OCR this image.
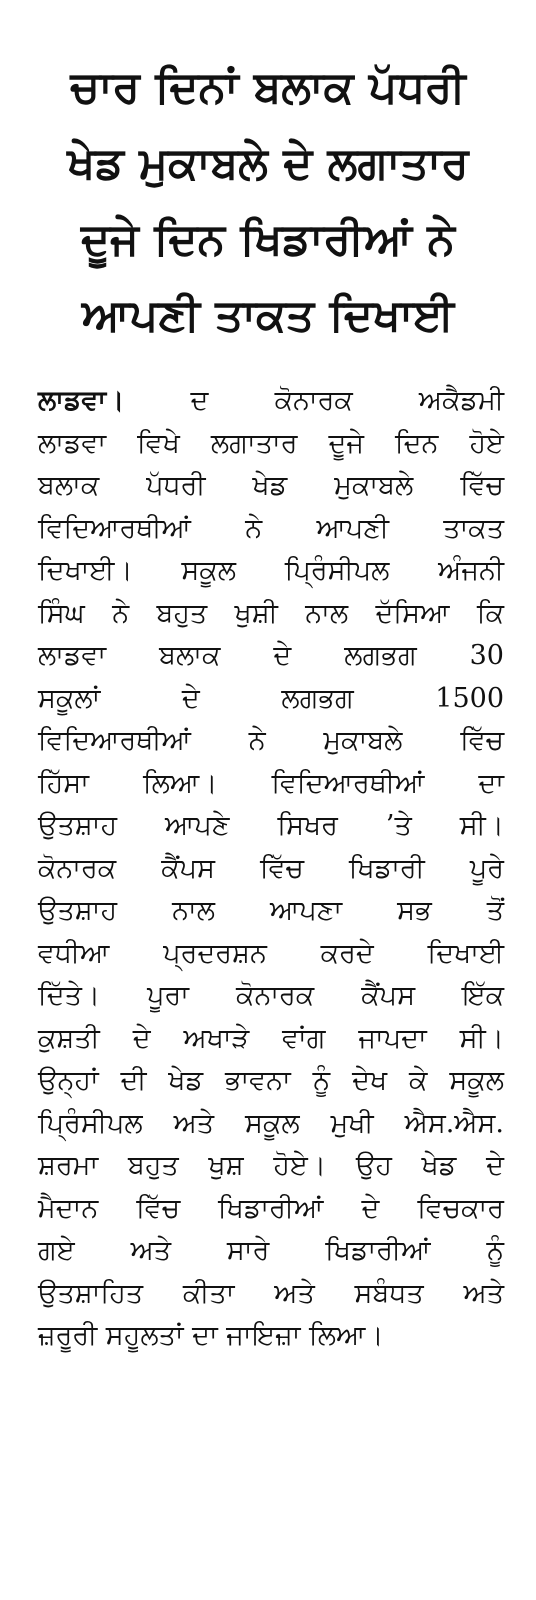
ਚਾਰ ਦਿਨਾਂ ਬਲਾਕ ਪੱਧਰੀ
ਖੇਡ ਮੁਕਾਬਲੇ ਦੇ ਲਗਾਤਾਰ
ਦੂਜੇ ਦਿਨ ਖਿਡਾਰੀਆਂ ਨੇ
ਆਪਣੀ ਤਾਕਤ ਦਿਖਾਈ
ਲਾਡਵਾ। ਦ ਕੋਨਾਰਕ ਅਕੈਡਮੀ
ਲਾਡਵਾ ਵਿਖੇ ਲਗਾਤਾਰ ਦੂਜੇ ਦਿਨ ਹੋਏ
ਬਲਾਕ ਪੱਧਰੀ ਖੇਡ ਮੁਕਾਬਲੇ ਵਿੱਚ
ਵਿਦਿਆਰਥੀਆਂ ਨੇ ਆਪਣੀ ਤਾਕਤ
ਦਿਖਾਈ। ਸਕੂਲ ਪ੍ਰਿੰਸੀਪਲ ਅੰਜਨੀ
ਸਿੰਘ ਨੇ ਬਹੁਤ ਖੁਸ਼ੀ ਨਾਲ ਦੱਸਿਆ ਕਿ
ਲਾਡਵਾ ਬਲਾਕ ਦੇ ਲਗਭਗ 30
ਸਕੂਲਾਂ ਦੇ ਲਗਭਗ 1500
ਵਿਦਿਆਰਥੀਆਂ ਨੇ ਮੁਕਾਬਲੇ ਵਿੱਚ
ਹਿੱਸਾ ਲਿਆ। ਵਿਦਿਆਰਥੀਆਂ ਦਾ
ਉਤਸ਼ਾਹ ਆਪਣੇ ਸਿਖਰ ’ਤੇ ਸੀ।
ਕੋਨਾਰਕ ਕੈਂਪਸ ਵਿੱਚ ਖਿਡਾਰੀ ਪੂਰੇ
ਉਤਸ਼ਾਹ ਨਾਲ ਆਪਣਾ ਸਭ ਤੋਂ
ਵਧੀਆ ਪ੍ਰਦਰਸ਼ਨ ਕਰਦੇ ਦਿਖਾਈ
ਦਿੱਤੇ। ਪੂਰਾ ਕੋਨਾਰਕ ਕੈਂਪਸ ਇੱਕ
ਕੁਸ਼ਤੀ ਦੇ ਅਖਾੜੇ ਵਾਂਗ ਜਾਪਦਾ ਸੀ।
ਉਨ੍ਹਾਂ ਦੀ ਖੇਡ ਭਾਵਨਾ ਨੂੰ ਦੇਖ ਕੇ ਸਕੂਲ
ਪ੍ਰਿੰਸੀਪਲ ਅਤੇ ਸਕੂਲ ਮੁਖੀ ਐਸ.ਐਸ.
ਸ਼ਰਮਾ ਬਹੁਤ ਖੁਸ਼ ਹੋਏ। ਉਹ ਖੇਡ ਦੇ
ਮੈਦਾਨ ਵਿੱਚ ਖਿਡਾਰੀਆਂ ਦੇ ਵਿਚਕਾਰ
ਗਏ ਅਤੇ ਸਾਰੇ ਖਿਡਾਰੀਆਂ ਨੂੰ
ਉਤਸ਼ਾਹਿਤ ਕੀਤਾ ਅਤੇ ਸਬੰਧਤ ਅਤੇ
ਜ਼ਰੂਰੀ ਸਹੂਲਤਾਂ ਦਾ ਜਾਇਜ਼ਾ ਲਿਆ।
